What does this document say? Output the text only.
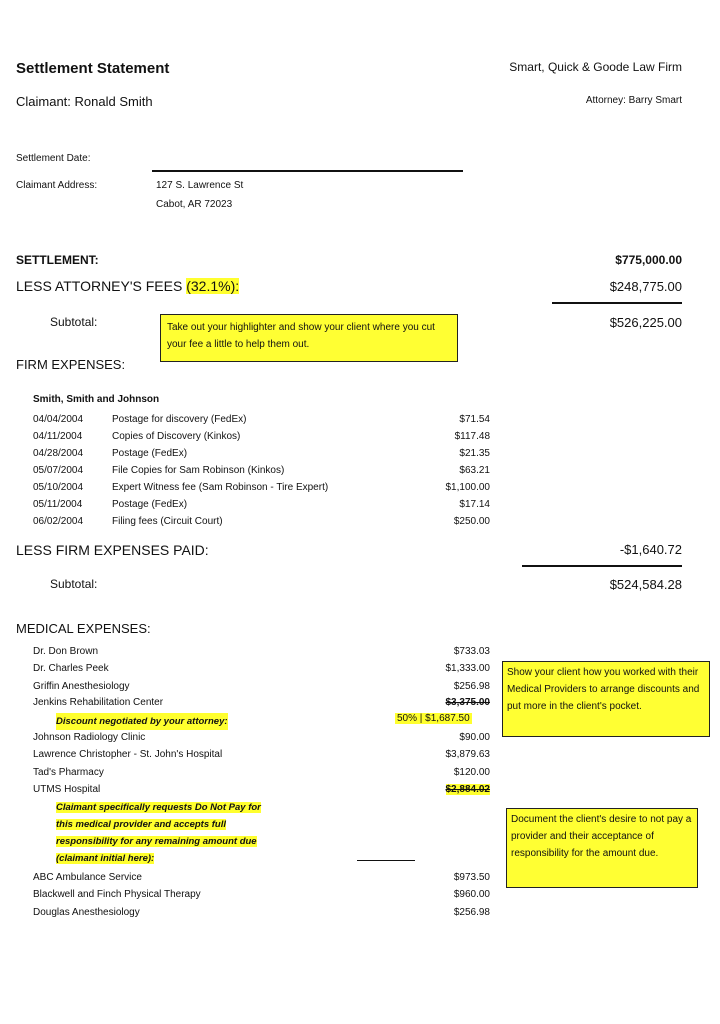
Settlement Statement	Smart, Quick & Goode Law Firm
Claimant: Ronald Smith	Attorney: Barry Smart
Settlement Date:
Claimant Address:	127 S. Lawrence St
Cabot, AR 72023
SETTLEMENT:	$775,000.00
LESS ATTORNEY'S FEES (32.1%):	$248,775.00
Subtotal:	$526,225.00
Take out your highlighter and show your client where you cut your fee a little to help them out.
FIRM EXPENSES:
Smith, Smith and Johnson
04/04/2004	Postage for discovery (FedEx)	$71.54
04/11/2004	Copies of Discovery (Kinkos)	$117.48
04/28/2004	Postage (FedEx)	$21.35
05/07/2004	File Copies for Sam Robinson (Kinkos)	$63.21
05/10/2004	Expert Witness fee (Sam Robinson - Tire Expert)	$1,100.00
05/11/2004	Postage (FedEx)	$17.14
06/02/2004	Filing fees (Circuit Court)	$250.00
LESS FIRM EXPENSES PAID:	-$1,640.72
Subtotal:	$524,584.28
MEDICAL EXPENSES:
Dr. Don Brown	$733.03
Dr. Charles Peek	$1,333.00
Griffin Anesthesiology	$256.98
Jenkins Rehabilitation Center	$3,375.00
Discount negotiated by your attorney:	50% | $1,687.50
Johnson Radiology Clinic	$90.00
Lawrence Christopher - St. John's Hospital	$3,879.63
Tad's Pharmacy	$120.00
UTMS Hospital	$2,884.02
Claimant specifically requests Do Not Pay for
this medical provider and accepts full
responsibility for any remaining amount due
(claimant initial here):
ABC Ambulance Service	$973.50
Blackwell and Finch Physical Therapy	$960.00
Douglas Anesthesiology	$256.98
Show your client how you worked with their Medical Providers to arrange discounts and put more in the client's pocket.
Document the client's desire to not pay a provider and their acceptance of responsibility for the amount due.
